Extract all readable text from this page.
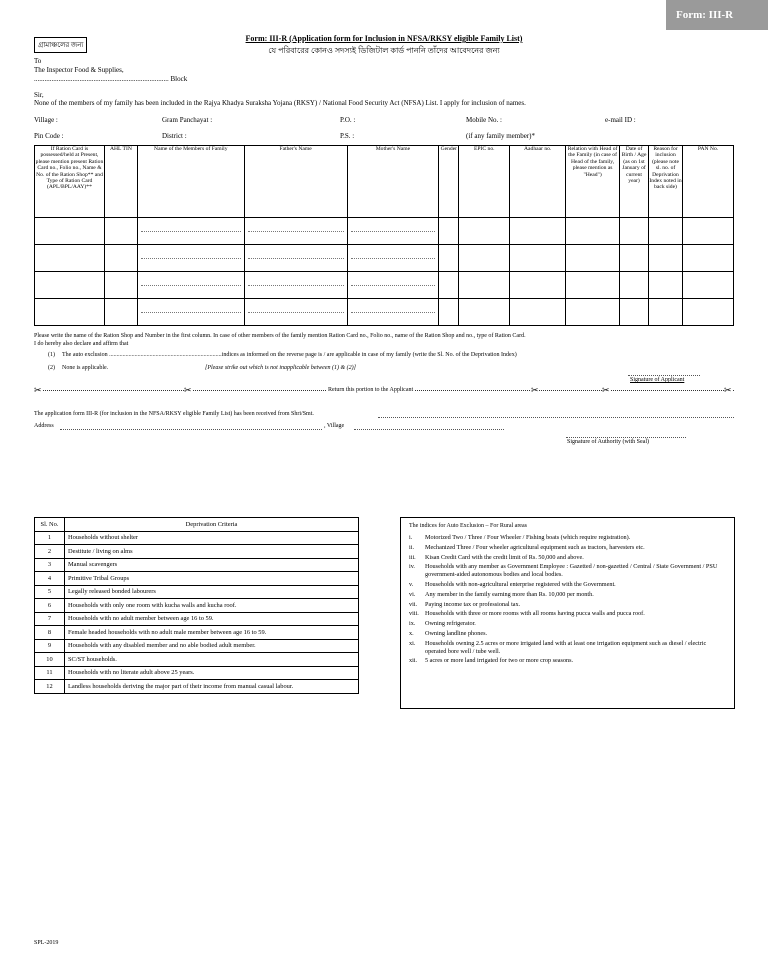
Form: III-R
গ্রামাঞ্চলের জন্য
Form: III-R (Application form for Inclusion in NFSA/RKSY eligible Family List)
যে পরিবারের কোনও সদস্যই ডিজিটাল কার্ড পাননি তাঁদের আবেদনের জন্য
To
The Inspector Food & Supplies,
............................................................................. Block
Sir,
None of the members of my family has been included in the Rajya Khadya Suraksha Yojana (RKSY) / National Food Security Act (NFSA) List. I apply for inclusion of names.
Village :	Gram Panchayat :	P.O. :	Mobile No. :	e-mail ID :
Pin Code :	District :	P.S. :	(if any family member)*
If Ration Card is possessed/held at Present, please mention present Ration Card no., Folio no., Name & No. of the Ration Shop** and Type of Ration Card (APL/BPL/AAY)**	AHL TIN	Name of the Members of Family	Father's Name	Mother's Name	Gender	EPIC no.	Aadhaar no.	Relation with Head of the Family (in case of Head of the family, please mention as "Head")	Date of Birth / Age (as on 1st January of current year)	Reason for inclusion (please note sl. no. of Deprivation Index noted in back side)	PAN No.

Please write the name of the Ration Shop and Number in the first column. In case of other members of the family mention Ration Card no., Folio no., name of the Ration Shop and no., type of Ration Card.
I do hereby also declare and affirm that
(1) The auto exclusion ...........................................................................indices as informed on the reverse page is / are applicable in case of my family (write the Sl. No. of the Deprivation Index)
(2) None is applicable.	[Please strike out which is not inapplicable between (1) & (2)]
Signature of Applicant
✂	✂	Return this portion to the Applicant	✂	✂	✂
The application form III-R (for inclusion in the NFSA/RKSY eligible Family List) has been received from Shri/Smt.
Address	, Village
Signature of Authority (with Seal)
Sl. No.	Deprivation Criteria
1	Households without shelter
2	Destitute / living on alms
3	Manual scavengers
4	Primitive Tribal Groups
5	Legally released bonded labourers
6	Households with only one room with kucha walls and kucha roof.
7	Households with no adult member between age 16 to 59.
8	Female headed households with no adult male member between age 16 to 59.
9	Households with any disabled member and no able bodied adult member.
10	SC/ST households.
11	Households with no literate adult above 25 years.
12	Landless households deriving the major part of their income from manual casual labour.
The indices for Auto Exclusion – For Rural areas
i.	Motorized Two / Three / Four Wheeler / Fishing boats (which require registration).
ii.	Mechanized Three / Four wheeler agricultural equipment such as tractors, harvesters etc.
iii.	Kisan Credit Card with the credit limit of Rs. 50,000 and above.
iv.	Households with any member as Government Employee : Gazetted / non-gazetted / Central / State Government / PSU government-aided autonomous bodies and local bodies.
v.	Households with non-agricultural enterprise registered with the Government.
vi.	Any member in the family earning more than Rs. 10,000 per month.
vii.	Paying income tax or professional tax.
viii. Households with three or more rooms with all rooms having pucca walls and pucca roof.
ix.	Owning refrigerator.
x.	Owning landline phones.
xi.	Households owning 2.5 acres or more irrigated land with at least one irrigation equipment such as diesel / electric operated bore well / tube well.
xii.	5 acres or more land irrigated for two or more crop seasons.
SPL-2019
